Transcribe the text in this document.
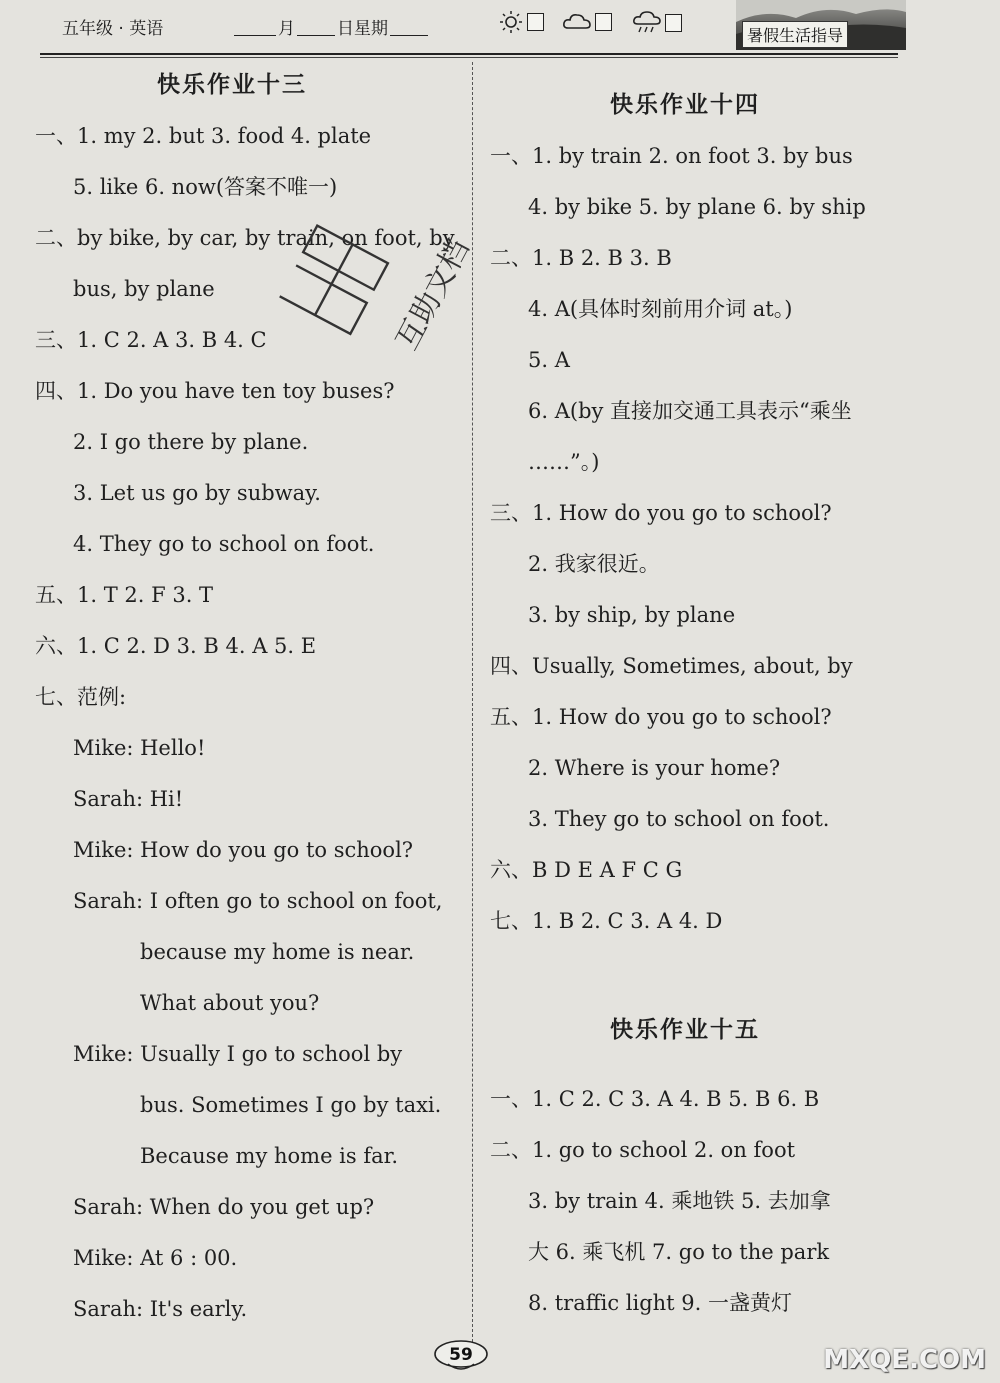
五年级 · 英语	月 日星期	暑假生活指导
快乐作业十三
一、1. my 2. but 3. food 4. plate
5. like 6. now(答案不唯一)
二、by bike, by car, by train, on foot, by
bus, by plane
三、1. C 2. A 3. B 4. C
四、1. Do you have ten toy buses?
2. I go there by plane.
3. Let us go by subway.
4. They go to school on foot.
五、1. T 2. F 3. T
六、1. C 2. D 3. B 4. A 5. E
七、范例:
Mike: Hello!
Sarah: Hi!
Mike: How do you go to school?
Sarah: I often go to school on foot,
because my home is near.
What about you?
Mike: Usually I go to school by
bus. Sometimes I go by taxi.
Because my home is far.
Sarah: When do you get up?
Mike: At 6 : 00.
Sarah: It's early.
快乐作业十四
一、1. by train 2. on foot 3. by bus
4. by bike 5. by plane 6. by ship
二、1. B 2. B 3. B
4. A(具体时刻前用介词 at。)
5. A
6. A(by 直接加交通工具表示“乘坐
……”。)
三、1. How do you go to school?
2. 我家很近。
3. by ship, by plane
四、Usually, Sometimes, about, by
五、1. How do you go to school?
2. Where is your home?
3. They go to school on foot.
六、B D E A F C G
七、1. B 2. C 3. A 4. D
快乐作业十五
一、1. C 2. C 3. A 4. B 5. B 6. B
二、1. go to school 2. on foot
3. by train 4. 乘地铁 5. 去加拿
大 6. 乘飞机 7. go to the park
8. traffic light 9. 一盏黄灯
互助文档
59	MXQE.COM
